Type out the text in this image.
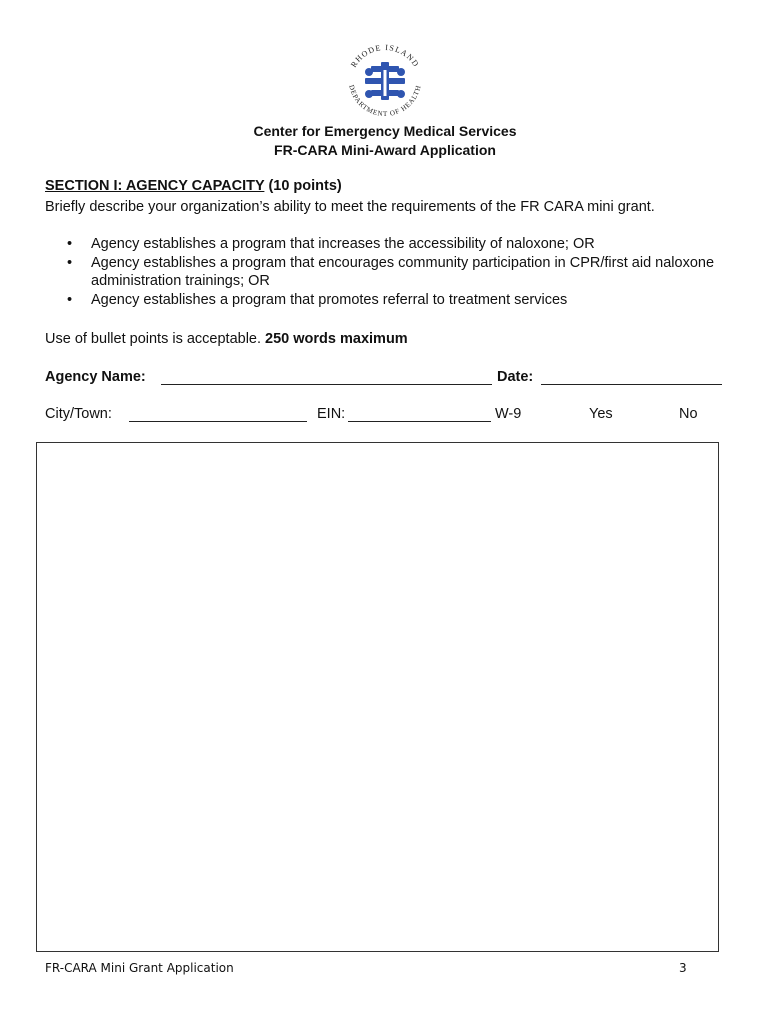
RHODE ISLAND
DEPARTMENT OF HEALTH
Center for Emergency Medical Services
FR-CARA Mini-Award Application
SECTION I: AGENCY CAPACITY (10 points)
Briefly describe your organization’s ability to meet the requirements of the FR CARA mini grant.
• Agency establishes a program that increases the accessibility of naloxone; OR
• Agency establishes a program that encourages community participation in CPR/first aid naloxone administration trainings; OR
• Agency establishes a program that promotes referral to treatment services
Use of bullet points is acceptable. 250 words maximum
Agency Name:	Date:
City/Town:	EIN:	W-9	Yes	No
FR-CARA Mini Grant Application	3
